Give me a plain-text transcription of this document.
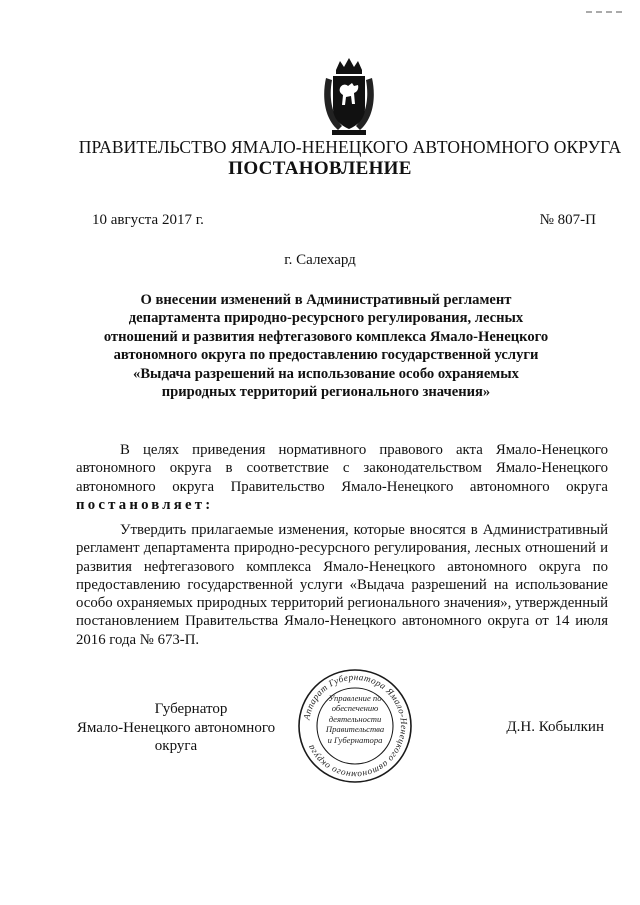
ПРАВИТЕЛЬСТВО ЯМАЛО-НЕНЕЦКОГО АВТОНОМНОГО ОКРУГА
ПОСТАНОВЛЕНИЕ
10 августа 2017 г.	№ 807-П
г. Салехард
О внесении изменений в Административный регламент департамента природно-ресурсного регулирования, лесных отношений и развития нефтегазового комплекса Ямало-Ненецкого автономного округа по предоставлению государственной услуги «Выдача разрешений на использование особо охраняемых природных территорий регионального значения»
В целях приведения нормативного правового акта Ямало-Ненецкого автономного округа в соответствие с законодательством Ямало-Ненецкого автономного округа Правительство Ямало-Ненецкого автономного округа постановляет:
Утвердить прилагаемые изменения, которые вносятся в Административный регламент департамента природно-ресурсного регулирования, лесных отношений и развития нефтегазового комплекса Ямало-Ненецкого автономного округа по предоставлению государственной услуги «Выдача разрешений на использование особо охраняемых природных территорий регионального значения», утвержденный постановлением Правительства Ямало-Ненецкого автономного округа от 14 июля 2016 года № 673-П.
Губернатор
Ямало-Ненецкого автономного округа
Аппарат Губернатора Ямало-Ненецкого автономного округа
Управление по
обеспечению
деятельности
Правительства
и Губернатора
Д.Н. Кобылкин
